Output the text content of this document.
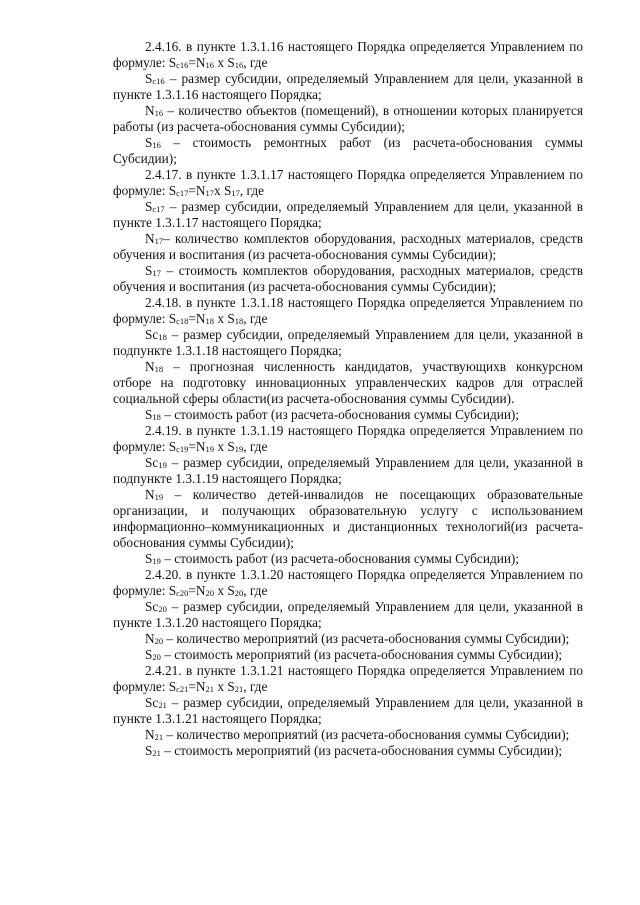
2.4.16. в пункте 1.3.1.16 настоящего Порядка определяется Управлением по формуле: $S_{c16}=N_{16}$ x $S_{16}$, где

$S_{c16}$ – размер субсидии, определяемый Управлением для цели, указанной в пункте 1.3.1.16 настоящего Порядка;

$N_{16}$ – количество объектов (помещений), в отношении которых планируется работы (из расчета-обоснования суммы Субсидии);

$S_{16}$ – стоимость ремонтных работ (из расчета-обоснования суммы Субсидии);

2.4.17. в пункте 1.3.1.17 настоящего Порядка определяется Управлением по формуле: $S_{c17}=N_{17}x$ $S_{17}$, где

$S_{c17}$ – размер субсидии, определяемый Управлением для цели, указанной в пункте 1.3.1.17 настоящего Порядка;

$N_{17}-$ количество комплектов оборудования, расходных материалов, средств обучения и воспитания (из расчета-обоснования суммы Субсидии);

$S_{17}$ – стоимость комплектов оборудования, расходных материалов, средств обучения и воспитания (из расчета-обоснования суммы Субсидии);

2.4.18. в пункте 1.3.1.18 настоящего Порядка определяется Управлением по формуле: $S_{c18}=N_{18}$ x $S_{18}$, где

$Sc_{18}$ – размер субсидии, определяемый Управлением для цели, указанной в подпункте 1.3.1.18 настоящего Порядка;

$N_{18}$ – прогнозная численность кандидатов, участвующихв конкурсном отборе на подготовку инновационных управленческих кадров для отраслей социальной сферы области(из расчета-обоснования суммы Субсидии).

$S_{18}$ – стоимость работ (из расчета-обоснования суммы Субсидии);

2.4.19. в пункте 1.3.1.19 настоящего Порядка определяется Управлением по формуле: $S_{c19}=N_{19}$ x $S_{19}$, где

$Sc_{19}$ – размер субсидии, определяемый Управлением для цели, указанной в подпункте 1.3.1.19 настоящего Порядка;

$N_{19}$ – количество детей-инвалидов не посещающих образовательные организации, и получающих образовательную услугу с использованием информационно–коммуникационных и дистанционных технологий(из расчета-обоснования суммы Субсидии);

$S_{19}$ – стоимость работ (из расчета-обоснования суммы Субсидии);

2.4.20. в пункте 1.3.1.20 настоящего Порядка определяется Управлением по формуле: $S_{c20}=N_{20}$ x $S_{20}$, где

$Sc_{20}$ – размер субсидии, определяемый Управлением для цели, указанной в пункте 1.3.1.20 настоящего Порядка;

$N_{20}$ – количество мероприятий (из расчета-обоснования суммы Субсидии);

$S_{20}$ – стоимость мероприятий (из расчета-обоснования суммы Субсидии);

2.4.21. в пункте 1.3.1.21 настоящего Порядка определяется Управлением по формуле: $S_{c21}=N_{21}$ x $S_{21}$, где

$Sc_{21}$ – размер субсидии, определяемый Управлением для цели, указанной в пункте 1.3.1.21 настоящего Порядка;

$N_{21}$ – количество мероприятий (из расчета-обоснования суммы Субсидии);

$S_{21}$ – стоимость мероприятий (из расчета-обоснования суммы Субсидии);
